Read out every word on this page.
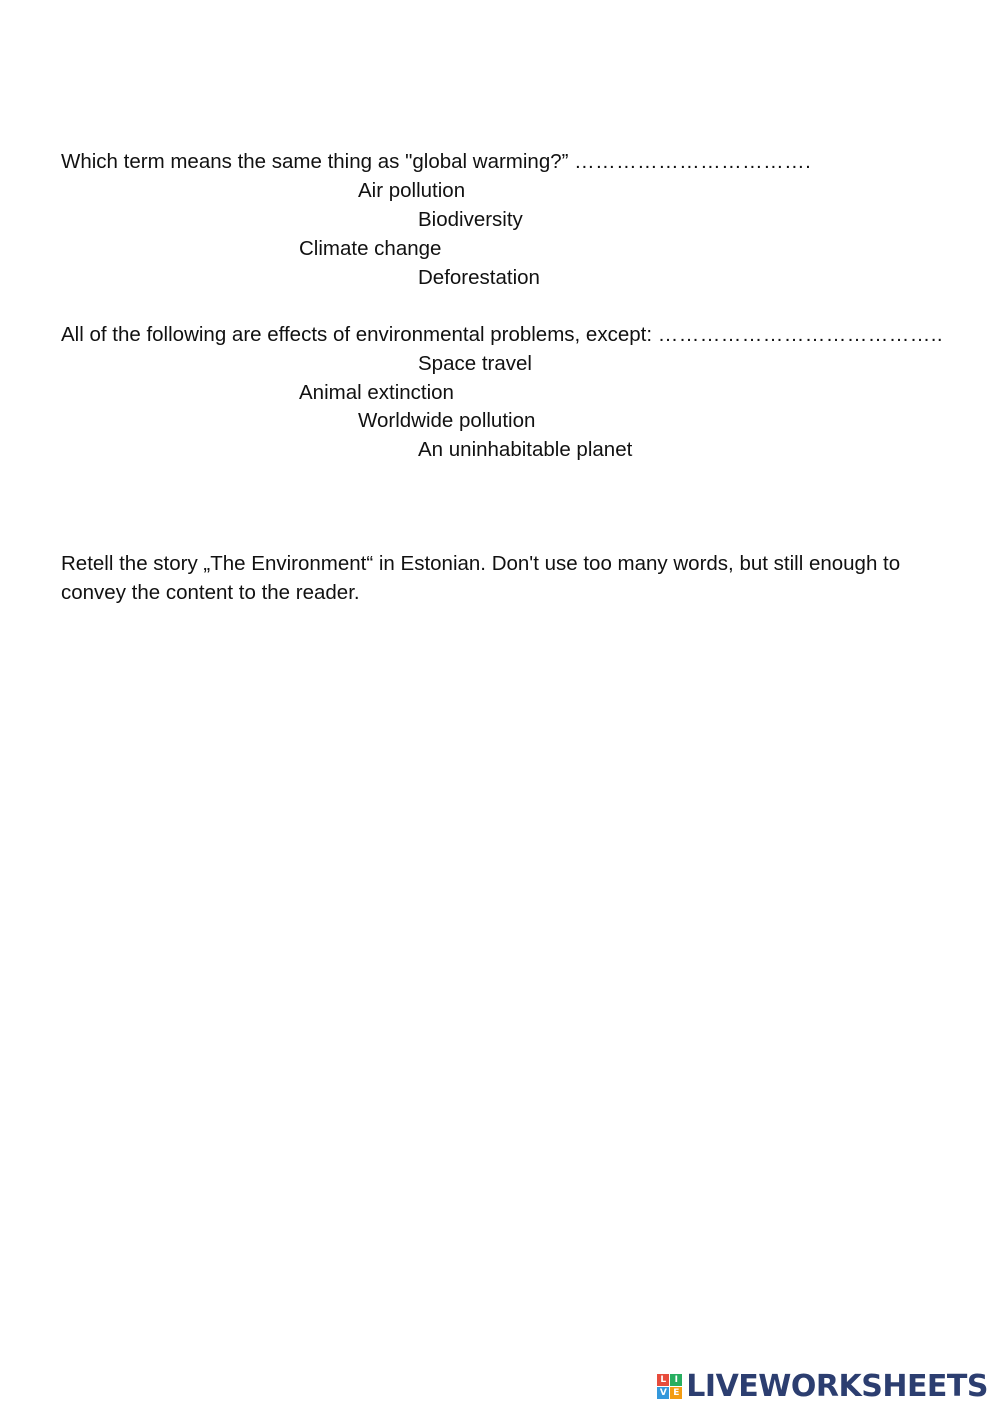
Which term means the same thing as "global warming?” …………………………….
Air pollution
Biodiversity
Climate change
Deforestation
All of the following are effects of environmental problems, except: …………………………………..
Space travel
Animal extinction
Worldwide pollution
An uninhabitable planet
Retell the story „The Environment“ in Estonian. Don't use too many words, but still enough to convey the content to the reader.
L I
V E LIVEWORKSHEETS
